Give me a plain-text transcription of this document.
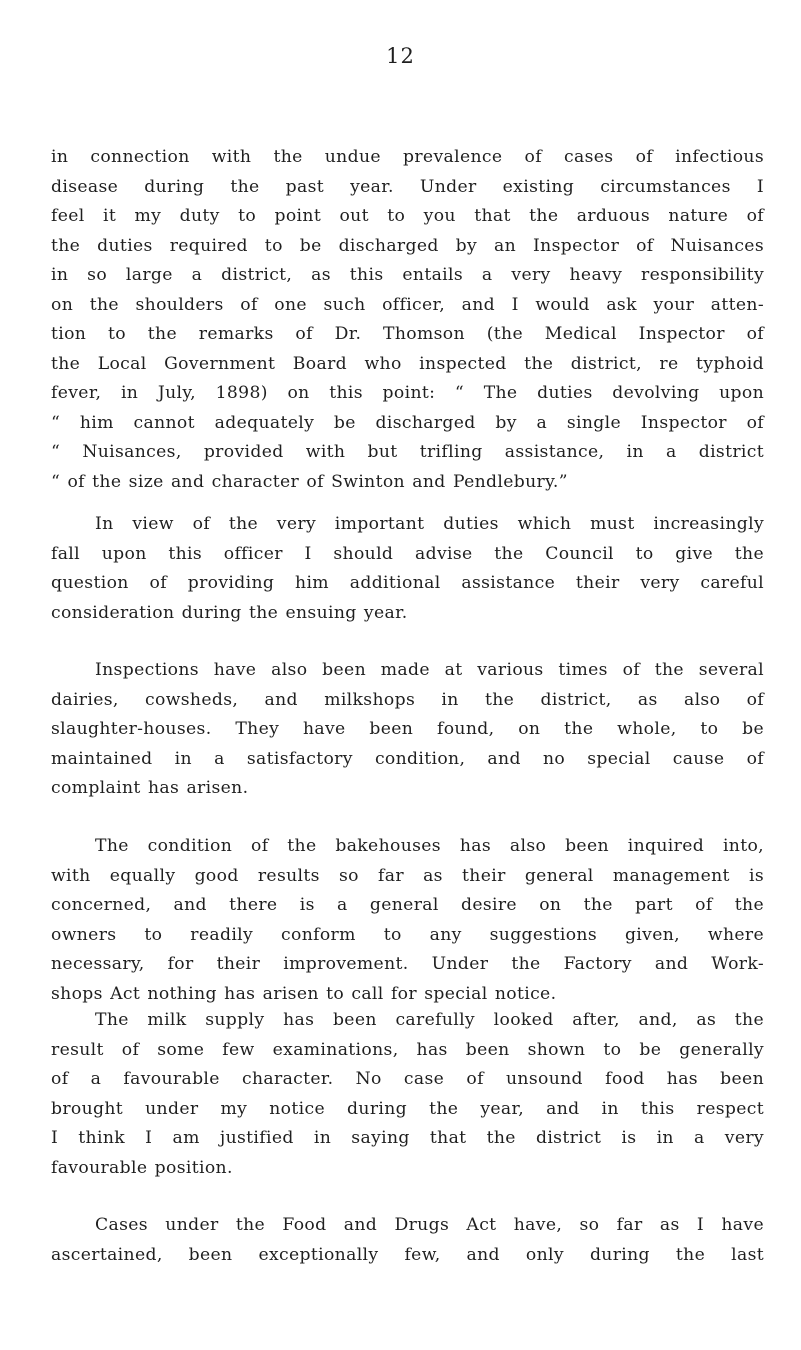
12
in connection with the undue prevalence of cases of infectious
disease during the past year. Under existing circumstances I
feel it my duty to point out to you that the arduous nature of
the duties required to be discharged by an Inspector of Nuisances
in so large a district, as this entails a very heavy responsibility
on the shoulders of one such officer, and I would ask your atten-
tion to the remarks of Dr. Thomson (the Medical Inspector of
the Local Government Board who inspected the district, re typhoid
fever, in July, 1898) on this point: “ The duties devolving upon
“ him cannot adequately be discharged by a single Inspector of
“ Nuisances, provided with but trifling assistance, in a district
“ of the size and character of Swinton and Pendlebury.”
In view of the very important duties which must increasingly
fall upon this officer I should advise the Council to give the
question of providing him additional assistance their very careful
consideration during the ensuing year.
Inspections have also been made at various times of the several
dairies, cowsheds, and milkshops in the district, as also of
slaughter-houses. They have been found, on the whole, to be
maintained in a satisfactory condition, and no special cause of
complaint has arisen.
The condition of the bakehouses has also been inquired into,
with equally good results so far as their general management is
concerned, and there is a general desire on the part of the
owners to readily conform to any suggestions given, where
necessary, for their improvement. Under the Factory and Work-
shops Act nothing has arisen to call for special notice.
The milk supply has been carefully looked after, and, as the
result of some few examinations, has been shown to be generally
of a favourable character. No case of unsound food has been
brought under my notice during the year, and in this respect
I think I am justified in saying that the district is in a very
favourable position.
Cases under the Food and Drugs Act have, so far as I have
ascertained, been exceptionally few, and only during the last
